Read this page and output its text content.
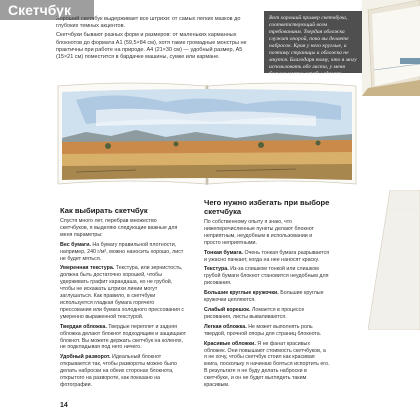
Скетчбук

Хороший скетчбук выдерживает все штрихи: от самых легких мазков до глубоких темных акцентов.

Скетчбуки бывают разных форм и размеров: от маленьких карманных блокнотов до формата А1 (59,5×84 см), хотя такие громадные монстры не практичны при работе на природе. А4 (21×30 см) — удобный размер, А5 (15×21 см) поместится в бардачке машины, сумке или кармане.

Вот хороший пример скетчбука, соответствующий всем требованиям. Твердая обложка служит опорой, пока вы делаете набросок. Края у него круглые, и поэтому страницы и обложка не мнутся. Благодаря тому, что я могу использовать обе листа, у меня больше места, чтобы сделать
Как выбирать скетчбук

Спустя много лет, перебрав множество скетчбуков, я выделяю следующие важные для меня параметры:

Вес бумаги. На бумагу правильной плотности, например, 240 г/м², можно наносить хорошо, лист не будет мяться.

Умеренная текстура. Текстура, или зернистость, должна быть достаточно хорошей, чтобы удерживать графит карандаша, но не грубой, чтобы не искажать штрихи линии могут заглушаться. Как правило, в скетчбуки используется гладкая бумага горячего прессования или бумага холодного прессования с умеренно выраженной текстурой.

Твердая обложка. Твердые переплет и задняя обложка делают блокнот подходящим и защищают блокнот. Вы можете держать скетчбук на коленях, не подкладывая под него ничего.

Удобный разворот. Идеальный блокнот открывается так, чтобы развороты можно было делать наброски на обеих сторонах блокнота, открытого на развороте, как показано на фотографии.

Чего нужно избегать при выборе скетчбука

По собственному опыту я знаю, что нижеперечисленные пункты делают блокнот неприятным, неудобным в использовании и просто неприятными.

Тонкая бумага. Очень тонкая бумага разрывается и ужасно пачкает, когда на нее наносят краску.

Текстура. Из-за слишком тонкой или слишком грубой бумаги блокнот становится неудобным для рисования.

Большие круглые кружочки. Большие круглые кружочки цепляются.

Слабый корешок. Ломается в процессе рисования, листы вываливаются.

Легкая обложка. Не может выполнять роль твердой, прочной опоры для страниц блокнота.

Красивые обложки. Я не фанат красивых обложек. Они повышают стоимость скетчбуков, а я не хочу, чтобы скетчбук стоил как красивая книга, поскольку я начинаю бояться испортить его. В результате я не буду делать наброски в скетчбуке, и он не будет выглядеть таким красивым.

14
